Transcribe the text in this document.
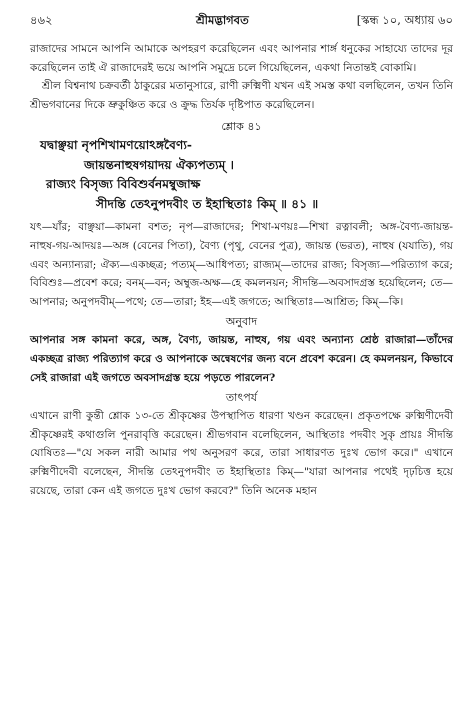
৪৬২	শ্রীমদ্ভাগবত	[স্কন্ধ ১০, অধ্যায় ৬০

রাজাদের সামনে আপনি আমাকে অপহরণ করেছিলেন এবং আপনার শার্ঙ্গ ধনুকের সাহায্যে তাদের দূর করেছিলেন তাই ঐ রাজাদেরই ভয়ে আপনি সমুদ্রে চলে গিয়েছিলেন, একথা নিতান্তই বোকামি।

শ্রীল বিশ্বনাথ চক্রবর্তী ঠাকুরের মতানুসারে, রাণী রুক্মিণী যখন এই সমস্ত কথা বলছিলেন, তখন তিনি শ্রীভগবানের দিকে ভ্রুকুঞ্চিত করে ও ক্রুদ্ধ তির্যক দৃষ্টিপাত করেছিলেন।

শ্লোক ৪১
যদ্বাঞ্ছয়া নৃপশিখামণয়োঽঙ্গবৈণ্য-
জায়ন্তনাহুষগয়াদয় ঐক্যপত্যম্ ।
রাজ্যং বিসৃজ্য বিবিশুর্বনমম্বুজাক্ষ
সীদন্তি তেঽনুপদবীং ত ইহাস্থিতাঃ কিম্ ॥ ৪১ ॥

যৎ—যাঁর; বাঞ্ছয়া—কামনা বশত; নৃপ—রাজাদের; শিখা-মণয়ঃ—শিখা রত্নাবলী; অঙ্গ-বৈণ্য-জায়ন্ত-নাহুষ-গয়-আদয়ঃ—অঙ্গ (বেনের পিতা), বৈণ্য (পৃথু, বেনের পুত্র), জায়ন্ত (ভরত), নাহুষ (যযাতি), গয় এবং অন্যান্যরা; ঐক্য—একচ্ছত্র; পত্যম্—আধিপত্য; রাজ্যম্—তাদের রাজ্য; বিসৃজ্য—পরিত্যাগ করে; বিবিশুঃ—প্রবেশ করে; বনম্—বন; অম্বুজ-অক্ষ—হে কমলনয়ন; সীদন্তি—অবসাদগ্রস্ত হয়েছিলেন; তে—আপনার; অনুপদবীম্—পথে; তে—তারা; ইহ—এই জগতে; আস্থিতাঃ—আশ্রিত; কিম্—কি।

অনুবাদ

আপনার সঙ্গ কামনা করে, অঙ্গ, বৈণ্য, জায়ন্ত, নাহুষ, গয় এবং অন্যান্য শ্রেষ্ঠ রাজারা—তাঁদের একচ্ছত্র রাজ্য পরিত্যাগ করে ও আপনাকে অন্বেষণের জন্য বনে প্রবেশ করেন। হে কমলনয়ন, কিভাবে সেই রাজারা এই জগতে অবসাদগ্রস্ত হয়ে পড়তে পারলেন?

তাৎপর্য

এখানে রাণী কুন্তী শ্লোক ১৩-তে শ্রীকৃষ্ণের উপস্থাপিত ধারণা খণ্ডন করেছেন। প্রকৃতপক্ষে রুক্মিণীদেবী শ্রীকৃষ্ণেরই কথাগুলি পুনরাবৃত্তি করেছেন। শ্রীভগবান বলেছিলেন, আস্থিতাঃ পদবীং সুকৃ প্রায়ঃ সীদন্তি যোষিতঃ—"যে সকল নারী আমার পথ অনুসরণ করে, তারা সাধারণত দুঃখ ভোগ করে।" এখানে রুক্মিণীদেবী বলেছেন, সীদন্তি তেঽনুপদবীং ত ইহাস্থিতাঃ কিম্—"যারা আপনার পথেই দৃঢ়চিত্ত হয়ে রয়েছে, তারা কেন এই জগতে দুঃখ ভোগ করবে?" তিনি অনেক মহান
